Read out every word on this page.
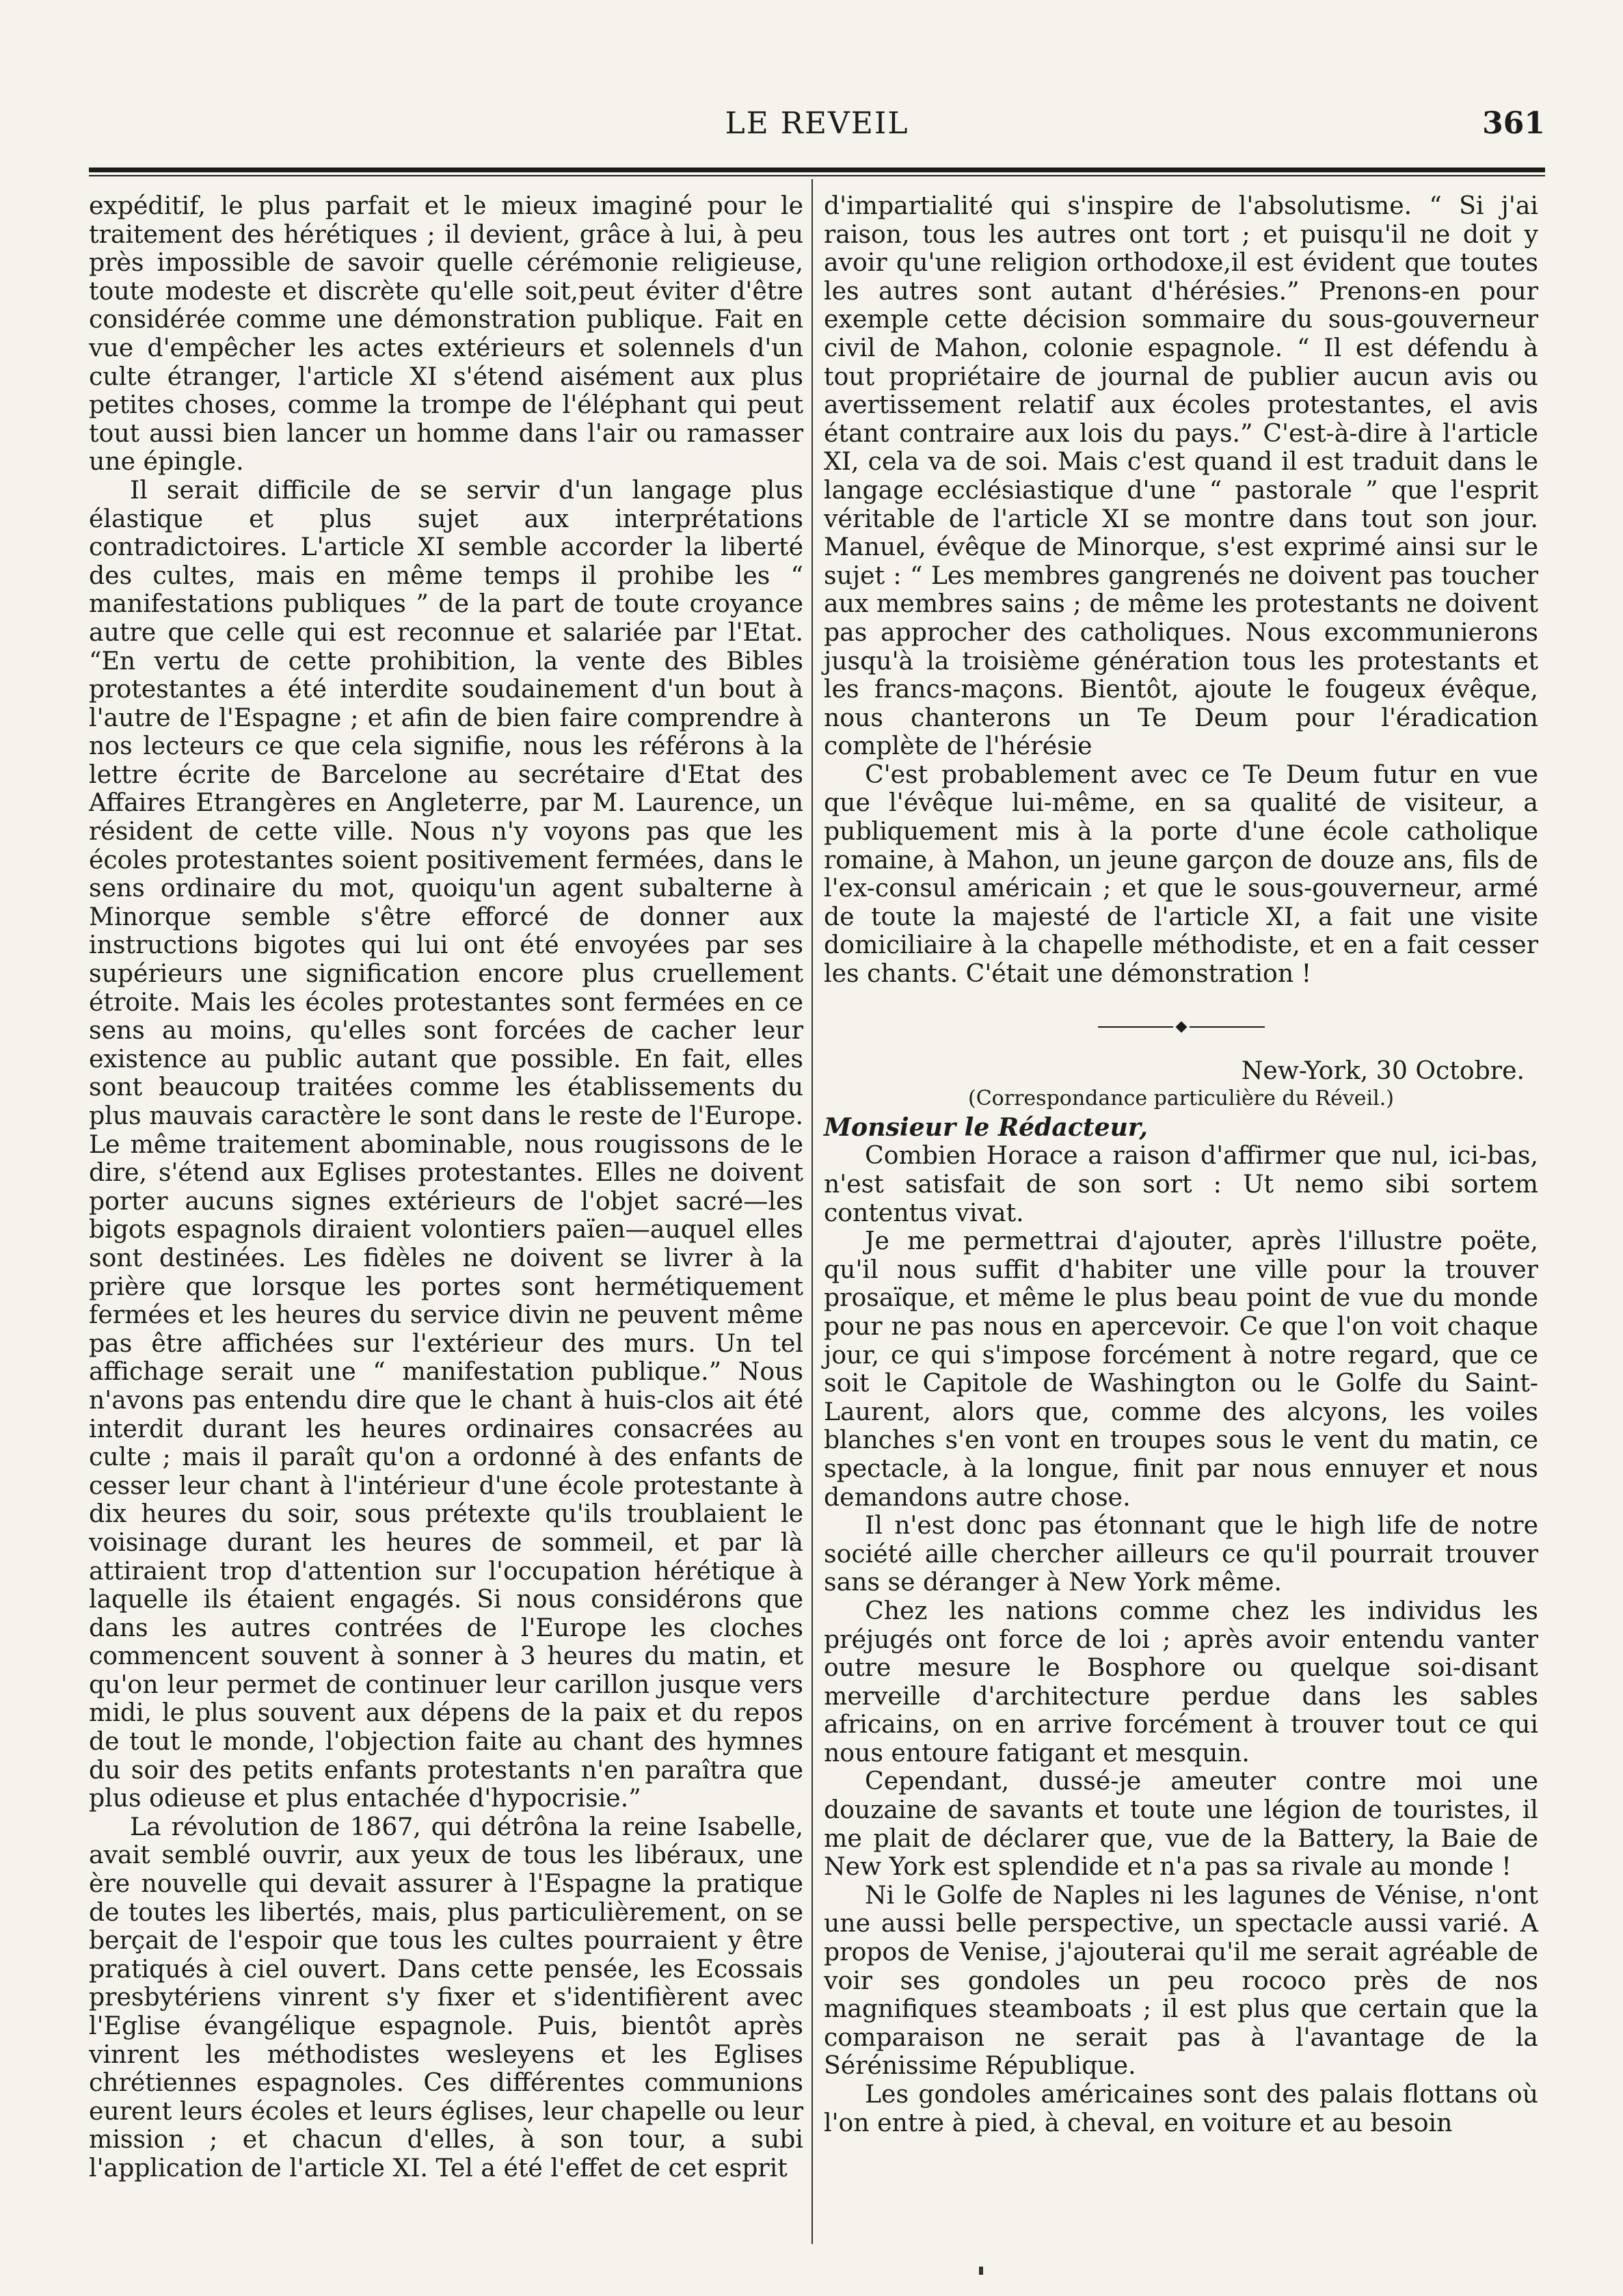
LE REVEIL	361

expéditif, le plus parfait et le mieux imaginé pour le traitement des hérétiques ; il devient, grâce à lui, à peu près impossible de savoir quelle cérémonie religieuse, toute modeste et discrète qu'elle soit,peut éviter d'être considérée comme une démonstration publique. Fait en vue d'empêcher les actes extérieurs et solennels d'un culte étranger, l'article XI s'étend aisément aux plus petites choses, comme la trompe de l'éléphant qui peut tout aussi bien lancer un homme dans l'air ou ramasser une épingle.

Il serait difficile de se servir d'un langage plus élastique et plus sujet aux interprétations contradictoires. L'article XI semble accorder la liberté des cultes, mais en même temps il prohibe les “ manifestations publiques ” de la part de toute croyance autre que celle qui est reconnue et salariée par l'Etat. “En vertu de cette prohibition, la vente des Bibles protestantes a été interdite soudainement d'un bout à l'autre de l'Espagne ; et afin de bien faire comprendre à nos lecteurs ce que cela signifie, nous les référons à la lettre écrite de Barcelone au secrétaire d'Etat des Affaires Etrangères en Angleterre, par M. Laurence, un résident de cette ville. Nous n'y voyons pas que les écoles protestantes soient positivement fermées, dans le sens ordinaire du mot, quoiqu'un agent subalterne à Minorque semble s'être efforcé de donner aux instructions bigotes qui lui ont été envoyées par ses supérieurs une signification encore plus cruellement étroite. Mais les écoles protestantes sont fermées en ce sens au moins, qu'elles sont forcées de cacher leur existence au public autant que possible. En fait, elles sont beaucoup traitées comme les établissements du plus mauvais caractère le sont dans le reste de l'Europe. Le même traitement abominable, nous rougissons de le dire, s'étend aux Eglises protestantes. Elles ne doivent porter aucuns signes extérieurs de l'objet sacré—les bigots espagnols diraient volontiers païen—auquel elles sont destinées. Les fidèles ne doivent se livrer à la prière que lorsque les portes sont hermétiquement fermées et les heures du service divin ne peuvent même pas être affichées sur l'extérieur des murs. Un tel affichage serait une “ manifestation publique.” Nous n'avons pas entendu dire que le chant à huis-clos ait été interdit durant les heures ordinaires consacrées au culte ; mais il paraît qu'on a ordonné à des enfants de cesser leur chant à l'intérieur d'une école protestante à dix heures du soir, sous prétexte qu'ils troublaient le voisinage durant les heures de sommeil, et par là attiraient trop d'attention sur l'occupation hérétique à laquelle ils étaient engagés. Si nous considérons que dans les autres contrées de l'Europe les cloches commencent souvent à sonner à 3 heures du matin, et qu'on leur permet de continuer leur carillon jusque vers midi, le plus souvent aux dépens de la paix et du repos de tout le monde, l'objection faite au chant des hymnes du soir des petits enfants protestants n'en paraîtra que plus odieuse et plus entachée d'hypocrisie.”

La révolution de 1867, qui détrôna la reine Isabelle, avait semblé ouvrir, aux yeux de tous les libéraux, une ère nouvelle qui devait assurer à l'Espagne la pratique de toutes les libertés, mais, plus particulièrement, on se berçait de l'espoir que tous les cultes pourraient y être pratiqués à ciel ouvert. Dans cette pensée, les Ecossais presbytériens vinrent s'y fixer et s'identifièrent avec l'Eglise évangélique espagnole. Puis, bientôt après vinrent les méthodistes wesleyens et les Eglises chrétiennes espagnoles. Ces différentes communions eurent leurs écoles et leurs églises, leur chapelle ou leur mission ; et chacun d'elles, à son tour, a subi l'application de l'article XI. Tel a été l'effet de cet esprit

d'impartialité qui s'inspire de l'absolutisme. “ Si j'ai raison, tous les autres ont tort ; et puisqu'il ne doit y avoir qu'une religion orthodoxe,il est évident que toutes les autres sont autant d'hérésies.” Prenons-en pour exemple cette décision sommaire du sous-gouverneur civil de Mahon, colonie espagnole. “ Il est défendu à tout propriétaire de journal de publier aucun avis ou avertissement relatif aux écoles protestantes, el avis étant contraire aux lois du pays.” C'est-à-dire à l'article XI, cela va de soi. Mais c'est quand il est traduit dans le langage ecclésiastique d'une “ pastorale ” que l'esprit véritable de l'article XI se montre dans tout son jour. Manuel, évêque de Minorque, s'est exprimé ainsi sur le sujet : “ Les membres gangrenés ne doivent pas toucher aux membres sains ; de même les protestants ne doivent pas approcher des catholiques. Nous excommunierons jusqu'à la troisième génération tous les protestants et les francs-maçons. Bientôt, ajoute le fougeux évêque, nous chanterons un Te Deum pour l'éradication complète de l'hérésie

C'est probablement avec ce Te Deum futur en vue que l'évêque lui-même, en sa qualité de visiteur, a publiquement mis à la porte d'une école catholique romaine, à Mahon, un jeune garçon de douze ans, fils de l'ex-consul américain ; et que le sous-gouverneur, armé de toute la majesté de l'article XI, a fait une visite domiciliaire à la chapelle méthodiste, et en a fait cesser les chants. C'était une démonstration !

New-York, 30 Octobre.

(Correspondance particulière du Réveil.)

Monsieur le Rédacteur,

Combien Horace a raison d'affirmer que nul, ici-bas, n'est satisfait de son sort : Ut nemo sibi sortem contentus vivat.

Je me permettrai d'ajouter, après l'illustre poëte, qu'il nous suffit d'habiter une ville pour la trouver prosaïque, et même le plus beau point de vue du monde pour ne pas nous en apercevoir. Ce que l'on voit chaque jour, ce qui s'impose forcément à notre regard, que ce soit le Capitole de Washington ou le Golfe du Saint-Laurent, alors que, comme des alcyons, les voiles blanches s'en vont en troupes sous le vent du matin, ce spectacle, à la longue, finit par nous ennuyer et nous demandons autre chose.

Il n'est donc pas étonnant que le high life de notre société aille chercher ailleurs ce qu'il pourrait trouver sans se déranger à New York même.

Chez les nations comme chez les individus les préjugés ont force de loi ; après avoir entendu vanter outre mesure le Bosphore ou quelque soi-disant merveille d'architecture perdue dans les sables africains, on en arrive forcément à trouver tout ce qui nous entoure fatigant et mesquin.

Cependant, dussé-je ameuter contre moi une douzaine de savants et toute une légion de touristes, il me plait de déclarer que, vue de la Battery, la Baie de New York est splendide et n'a pas sa rivale au monde !

Ni le Golfe de Naples ni les lagunes de Vénise, n'ont une aussi belle perspective, un spectacle aussi varié. A propos de Venise, j'ajouterai qu'il me serait agréable de voir ses gondoles un peu rococo près de nos magnifiques steamboats ; il est plus que certain que la comparaison ne serait pas à l'avantage de la Sérénissime République.

Les gondoles américaines sont des palais flottans où l'on entre à pied, à cheval, en voiture et au besoin
